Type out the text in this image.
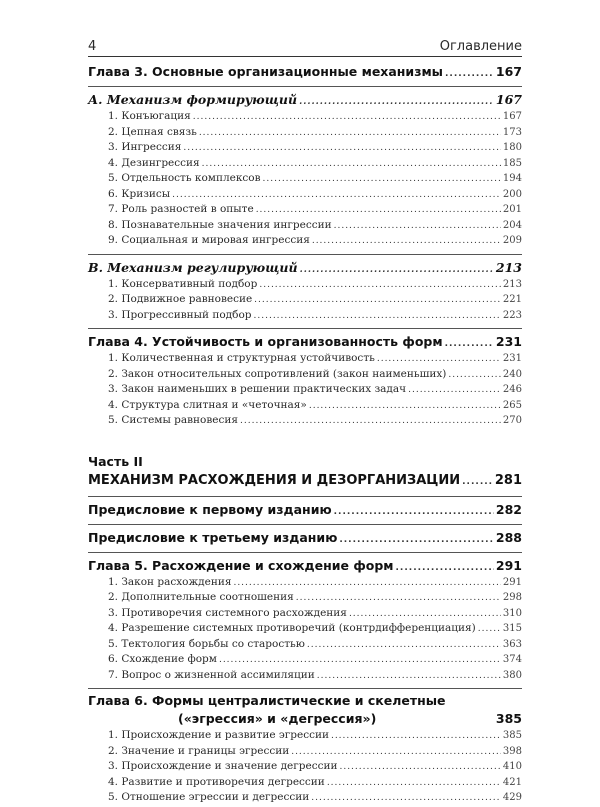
4	Оглавление
Глава 3. Основные организационные механизмы .....	167
А. Механизм формирующий .....	167
1. Конъюгация .....	167
2. Цепная связь .....	173
3. Ингрессия .....	180
4. Дезингрессия .....	185
5. Отдельность комплексов .....	194
6. Кризисы .....	200
7. Роль разностей в опыте .....	201
8. Познавательные значения ингрессии .....	204
9. Социальная и мировая ингрессия .....	209
В. Механизм регулирующий .....	213
1. Консервативный подбор .....	213
2. Подвижное равновесие .....	221
3. Прогрессивный подбор .....	223
Глава 4. Устойчивость и организованность форм .....	231
1. Количественная и структурная устойчивость .....	231
2. Закон относительных сопротивлений (закон наименьших) .....	240
3. Закон наименьших в решении практических задач .....	246
4. Структура слитная и «четочная» .....	265
5. Системы равновесия .....	270
Часть II
МЕХАНИЗМ РАСХОЖДЕНИЯ И ДЕЗОРГАНИЗАЦИИ .....	281
Предисловие к первому изданию .....	282
Предисловие к третьему изданию .....	288
Глава 5. Расхождение и схождение форм .....	291
1. Закон расхождения .....	291
2. Дополнительные соотношения .....	298
3. Противоречия системного расхождения .....	310
4. Разрешение системных противоречий (контрдифференциация) .....	315
5. Тектология борьбы со старостью .....	363
6. Схождение форм .....	374
7. Вопрос о жизненной ассимиляции .....	380
Глава 6. Формы централистические и скелетные
(«эгрессия» и «дегрессия»)	385
1. Происхождение и развитие эгрессии .....	385
2. Значение и границы эгрессии .....	398
3. Происхождение и значение дегрессии .....	410
4. Развитие и противоречия дегрессии .....	421
5. Отношение эгрессии и дегрессии .....	429
